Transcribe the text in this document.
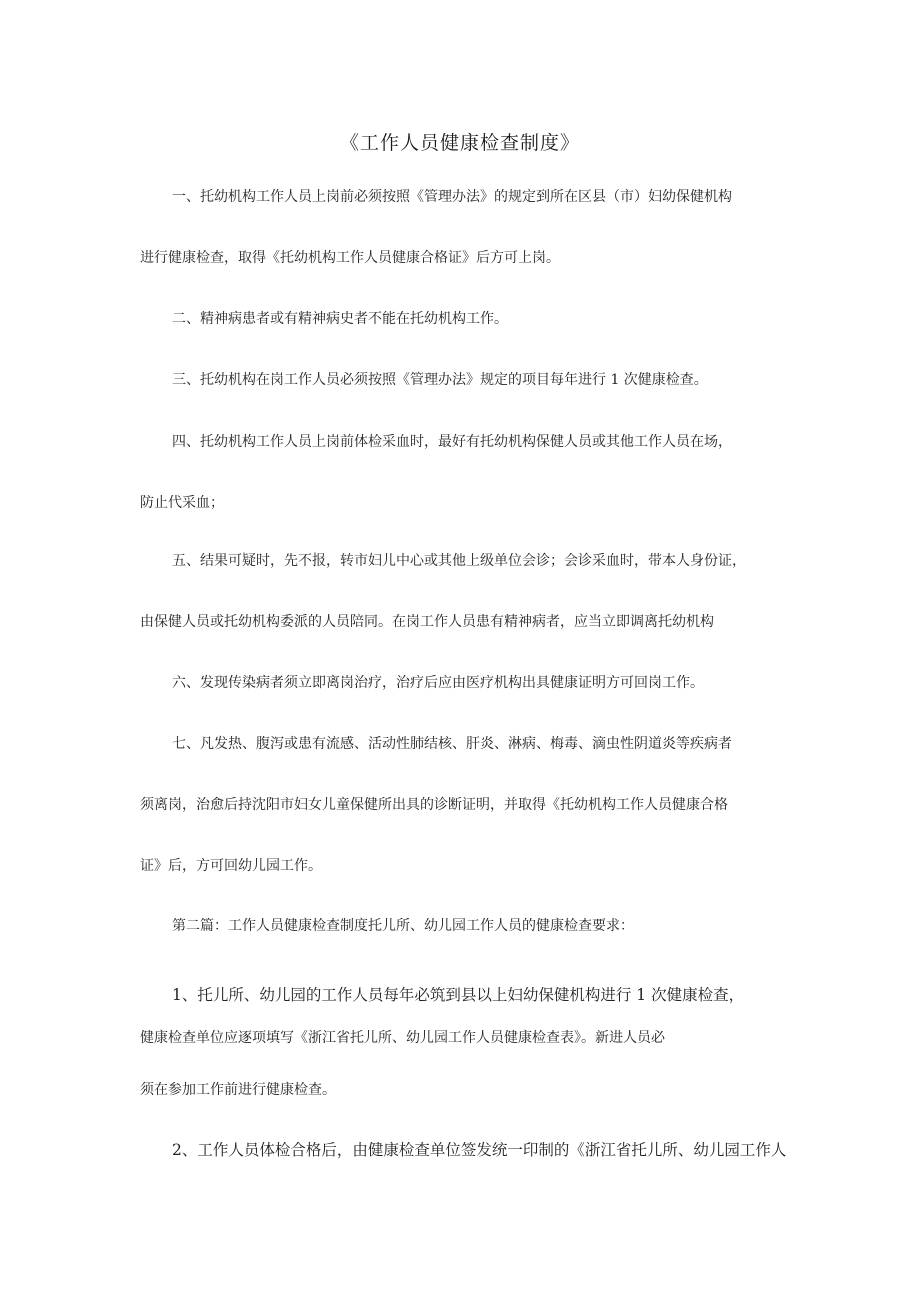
《工作人员健康检查制度》
一、托幼机构工作人员上岗前必须按照《管理办法》的规定到所在区县（市）妇幼保健机构
进行健康检查，取得《托幼机构工作人员健康合格证》后方可上岗。
二、精神病患者或有精神病史者不能在托幼机构工作。
三、托幼机构在岗工作人员必须按照《管理办法》规定的项目每年进行 1 次健康检查。
四、托幼机构工作人员上岗前体检采血时，最好有托幼机构保健人员或其他工作人员在场，
防止代采血；
五、结果可疑时，先不报，转市妇儿中心或其他上级单位会诊；会诊采血时，带本人身份证，
由保健人员或托幼机构委派的人员陪同。在岗工作人员患有精神病者，应当立即调离托幼机构
六、发现传染病者须立即离岗治疗，治疗后应由医疗机构出具健康证明方可回岗工作。
七、凡发热、腹泻或患有流感、活动性肺结核、肝炎、淋病、梅毒、滴虫性阴道炎等疾病者
须离岗，治愈后持沈阳市妇女儿童保健所出具的诊断证明，并取得《托幼机构工作人员健康合格
证》后，方可回幼儿园工作。
第二篇：工作人员健康检查制度托儿所、幼儿园工作人员的健康检查要求：
1、托儿所、幼儿园的工作人员每年必筑到县以上妇幼保健机构进行 1 次健康检查，
健康检查单位应逐项填写《浙江省托儿所、幼儿园工作人员健康检查表》。新进人员必
须在参加工作前进行健康检查。
2、工作人员体检合格后，由健康检查单位签发统一印制的《浙江省托儿所、幼儿园工作人
